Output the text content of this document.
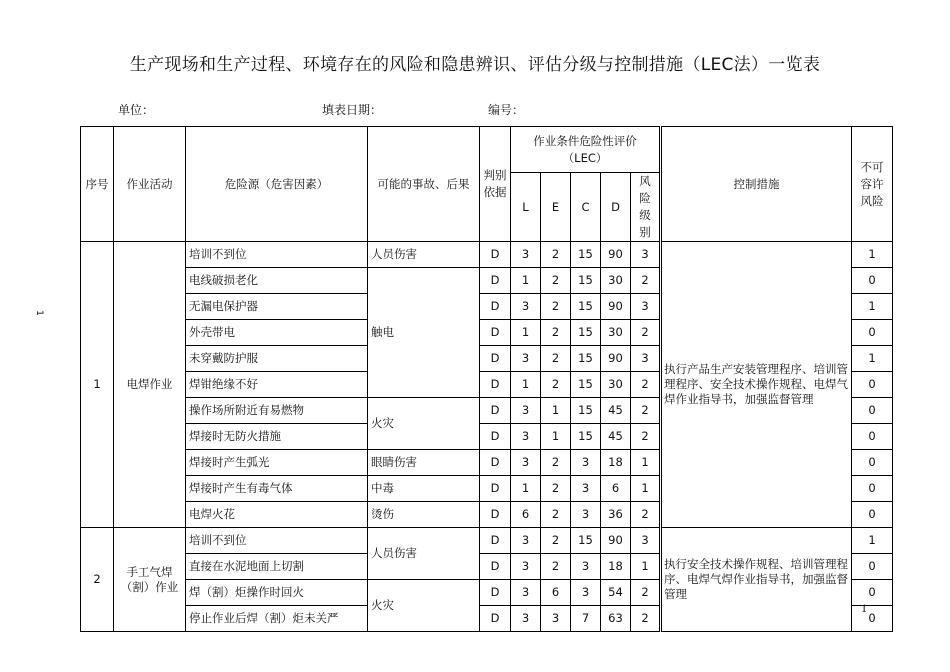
生产现场和生产过程、环境存在的风险和隐患辨识、评估分级与控制措施（LEC法）一览表
单位：	填表日期：	编号：
1
1
序号	作业活动	危险源（危害因素）	可能的事故、后果	判别依据	作业条件危险性评价（LEC）						控制措施	不可容许风险
					L	E	C	D	风险级别			
1	电焊作业	培训不到位	人员伤害	D	3	2	15	90	3		执行产品生产安装管理程序、培训管理程序、安全技术操作规程、电焊气焊作业指导书，加强监督管理	1
		电线破损老化	触电	D	1	2	15	30	2			0
		无漏电保护器		D	3	2	15	90	3			1
		外壳带电		D	1	2	15	30	2			0
		未穿戴防护服		D	3	2	15	90	3			1
		焊钳绝缘不好		D	1	2	15	30	2			0
		操作场所附近有易燃物	火灾	D	3	1	15	45	2			0
		焊接时无防火措施		D	3	1	15	45	2			0
		焊接时产生弧光	眼睛伤害	D	3	2	3	18	1			0
		焊接时产生有毒气体	中毒	D	1	2	3	6	1			0
		电焊火花	烫伤	D	6	2	3	36	2			0
2	手工气焊（割）作业	培训不到位	人员伤害	D	3	2	15	90	3		执行安全技术操作规程、培训管理程序、电焊气焊作业指导书，加强监督管理	1
		直接在水泥地面上切割		D	3	2	3	18	1			0
		焊（割）炬操作时回火	火灾	D	3	6	3	54	2			0
		停止作业后焊（割）炬未关严		D	3	3	7	63	2			0
